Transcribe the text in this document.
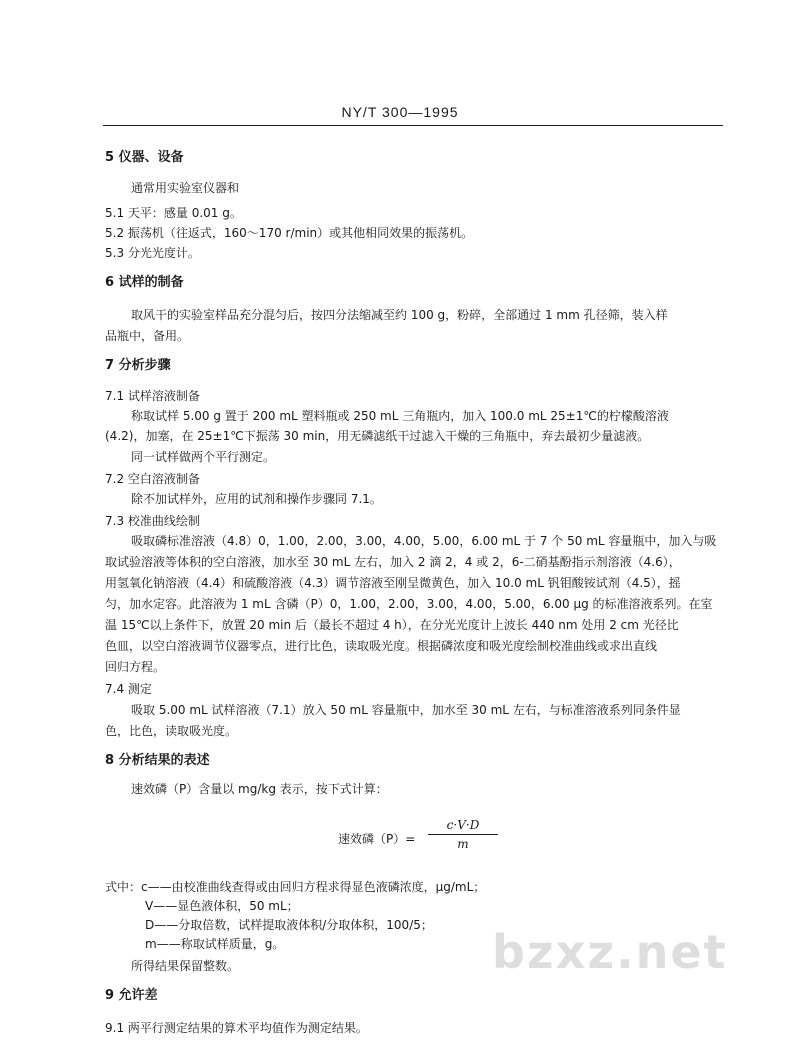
NY/T 300—1995
5 仪器、设备
通常用实验室仪器和
5.1 天平：感量 0.01 g。
5.2 振荡机（往返式，160～170 r/min）或其他相同效果的振荡机。
5.3 分光光度计。
6 试样的制备
取风干的实验室样品充分混匀后，按四分法缩减至约 100 g，粉碎，全部通过 1 mm 孔径筛，装入样
品瓶中，备用。
7 分析步骤
7.1 试样溶液制备
称取试样 5.00 g 置于 200 mL 塑料瓶或 250 mL 三角瓶内，加入 100.0 mL 25±1℃的柠檬酸溶液
(4.2)，加塞，在 25±1℃下振荡 30 min，用无磷滤纸干过滤入干燥的三角瓶中，弃去最初少量滤液。
同一试样做两个平行测定。
7.2 空白溶液制备
除不加试样外，应用的试剂和操作步骤同 7.1。
7.3 校准曲线绘制
吸取磷标准溶液（4.8）0，1.00，2.00，3.00，4.00，5.00，6.00 mL 于 7 个 50 mL 容量瓶中，加入与吸
取试验溶液等体积的空白溶液，加水至 30 mL 左右，加入 2 滴 2，4 或 2，6-二硝基酚指示剂溶液（4.6），
用氢氧化钠溶液（4.4）和硫酸溶液（4.3）调节溶液至刚呈微黄色，加入 10.0 mL 钒钼酸铵试剂（4.5），摇
匀，加水定容。此溶液为 1 mL 含磷（P）0，1.00，2.00，3.00，4.00，5.00，6.00 μg 的标准溶液系列。在室
温 15℃以上条件下，放置 20 min 后（最长不超过 4 h），在分光光度计上波长 440 nm 处用 2 cm 光径比
色皿，以空白溶液调节仪器零点，进行比色，读取吸光度。根据磷浓度和吸光度绘制校准曲线或求出直线
回归方程。
7.4 测定
吸取 5.00 mL 试样溶液（7.1）放入 50 mL 容量瓶中，加水至 30 mL 左右，与标准溶液系列同条件显
色，比色，读取吸光度。
8 分析结果的表述
速效磷（P）含量以 mg/kg 表示，按下式计算：
速效磷（P）=
c·V·D
m
式中：c——由校准曲线查得或由回归方程求得显色液磷浓度，μg/mL；
V——显色液体积，50 mL；
D——分取倍数，试样提取液体积/分取体积，100/5；
m——称取试样质量，g。
所得结果保留整数。
9 允许差
9.1 两平行测定结果的算术平均值作为测定结果。
bzxz.net
